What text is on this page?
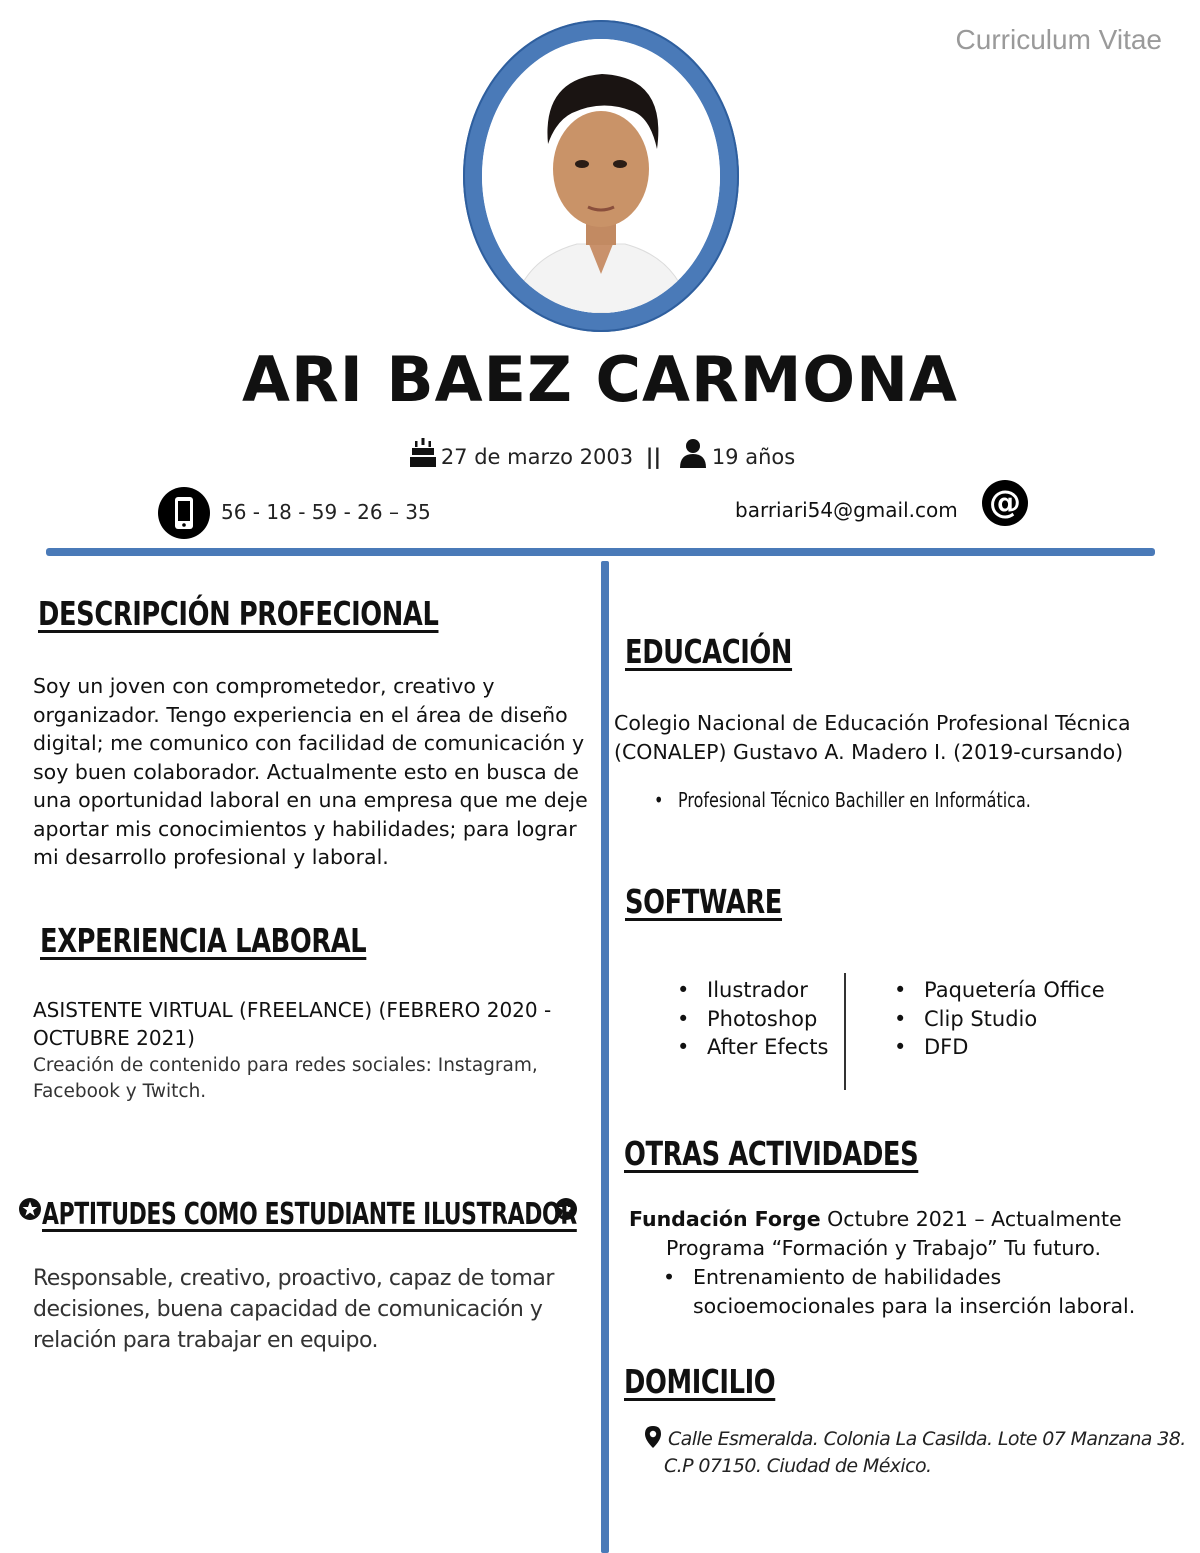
Curriculum Vitae
ARI BAEZ CARMONA
27 de marzo 2003 || 19 años
56 - 18 - 59 - 26 – 35	barriari54@gmail.com @
DESCRIPCIÓN PROFECIONAL
Soy un joven con comprometedor, creativo y
organizador. Tengo experiencia en el área de diseño
digital; me comunico con facilidad de comunicación y
soy buen colaborador. Actualmente esto en busca de
una oportunidad laboral en una empresa que me deje
aportar mis conocimientos y habilidades; para lograr
mi desarrollo profesional y laboral.
EXPERIENCIA LABORAL
ASISTENTE VIRTUAL (FREELANCE) (FEBRERO 2020 -
OCTUBRE 2021)
Creación de contenido para redes sociales: Instagram,
Facebook y Twitch.
APTITUDES COMO ESTUDIANTE ILUSTRADOR
Responsable, creativo, proactivo, capaz de tomar
decisiones, buena capacidad de comunicación y
relación para trabajar en equipo.
EDUCACIÓN
Colegio Nacional de Educación Profesional Técnica
(CONALEP) Gustavo A. Madero I. (2019-cursando)
• Profesional Técnico Bachiller en Informática.
SOFTWARE
• Ilustrador
• Photoshop
• After Efects
• Paquetería Office
• Clip Studio
• DFD
OTRAS ACTIVIDADES
Fundación Forge Octubre 2021 – Actualmente
Programa “Formación y Trabajo” Tu futuro.
• Entrenamiento de habilidades
socioemocionales para la inserción laboral.
DOMICILIO
Calle Esmeralda. Colonia La Casilda. Lote 07 Manzana 38.
C.P 07150. Ciudad de México.
